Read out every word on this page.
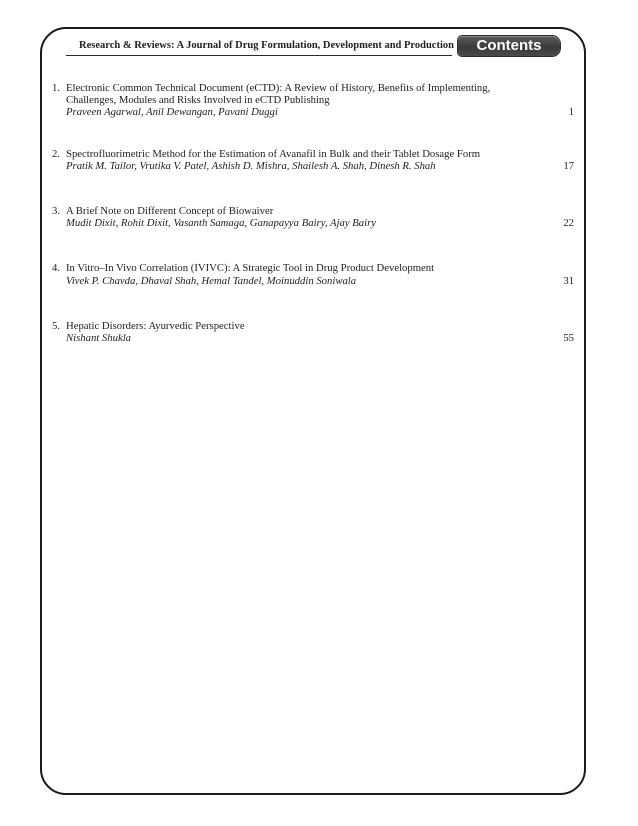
Research & Reviews: A Journal of Drug Formulation, Development and Production	Contents
1. Electronic Common Technical Document (eCTD): A Review of History, Benefits of Implementing,
Challenges, Modules and Risks Involved in eCTD Publishing
Praveen Agarwal, Anil Dewangan, Pavani Duggi	1
2. Spectrofluorimetric Method for the Estimation of Avanafil in Bulk and their Tablet Dosage Form
Pratik M. Tailor, Vrutika V. Patel, Ashish D. Mishra, Shailesh A. Shah, Dinesh R. Shah	17
3. A Brief Note on Different Concept of Biowaiver
Mudit Dixit, Rohit Dixit, Vasanth Samaga, Ganapayya Bairy, Ajay Bairy	22
4. In Vitro–In Vivo Correlation (IVIVC): A Strategic Tool in Drug Product Development
Vivek P. Chavda, Dhaval Shah, Hemal Tandel, Moinuddin Soniwala	31
5. Hepatic Disorders: Ayurvedic Perspective
Nishant Shukla	55
